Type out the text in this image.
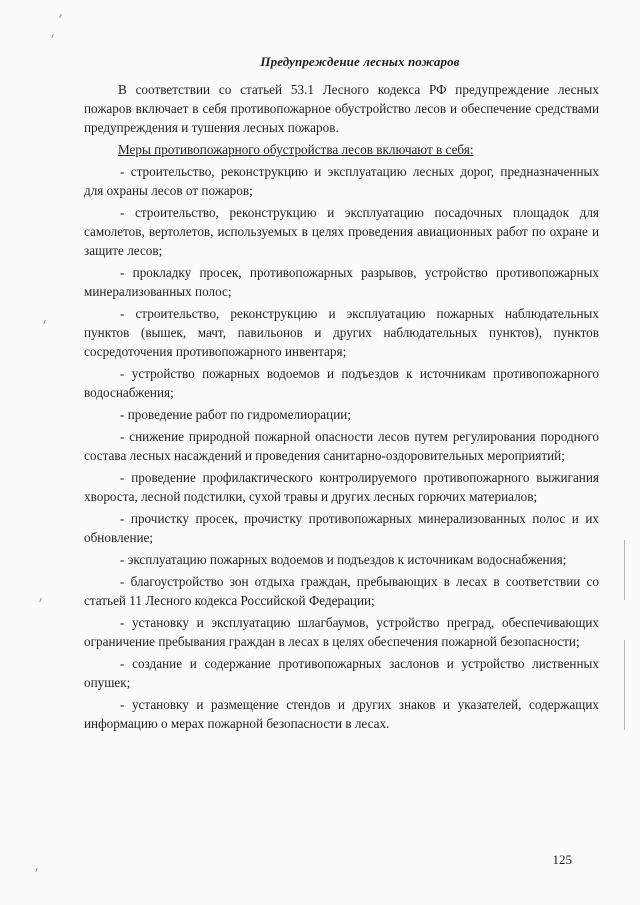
Предупреждение лесных пожаров

В соответствии со статьей 53.1 Лесного кодекса РФ предупреждение лесных пожаров включает в себя противопожарное обустройство лесов и обеспечение средствами предупреждения и тушения лесных пожаров.

Меры противопожарного обустройства лесов включают в себя:

- строительство, реконструкцию и эксплуатацию лесных дорог, предназначенных для охраны лесов от пожаров;

- строительство, реконструкцию и эксплуатацию посадочных площадок для самолетов, вертолетов, используемых в целях проведения авиационных работ по охране и защите лесов;

- прокладку просек, противопожарных разрывов, устройство противопожарных минерализованных полос;

- строительство, реконструкцию и эксплуатацию пожарных наблюдательных пунктов (вышек, мачт, павильонов и других наблюдательных пунктов), пунктов сосредоточения противопожарного инвентаря;

- устройство пожарных водоемов и подъездов к источникам противопожарного водоснабжения;

- проведение работ по гидромелиорации;

- снижение природной пожарной опасности лесов путем регулирования породного состава лесных насаждений и проведения санитарно-оздоровительных мероприятий;

- проведение профилактического контролируемого противопожарного выжигания хвороста, лесной подстилки, сухой травы и других лесных горючих материалов;

- прочистку просек, прочистку противопожарных минерализованных полос и их обновление;

- эксплуатацию пожарных водоемов и подъездов к источникам водоснабжения;

- благоустройство зон отдыха граждан, пребывающих в лесах в соответствии со статьей 11 Лесного кодекса Российской Федерации;

- установку и эксплуатацию шлагбаумов, устройство преград, обеспечивающих ограничение пребывания граждан в лесах в целях обеспечения пожарной безопасности;

- создание и содержание противопожарных заслонов и устройство лиственных опушек;

- установку и размещение стендов и других знаков и указателей, содержащих информацию о мерах пожарной безопасности в лесах.

125
